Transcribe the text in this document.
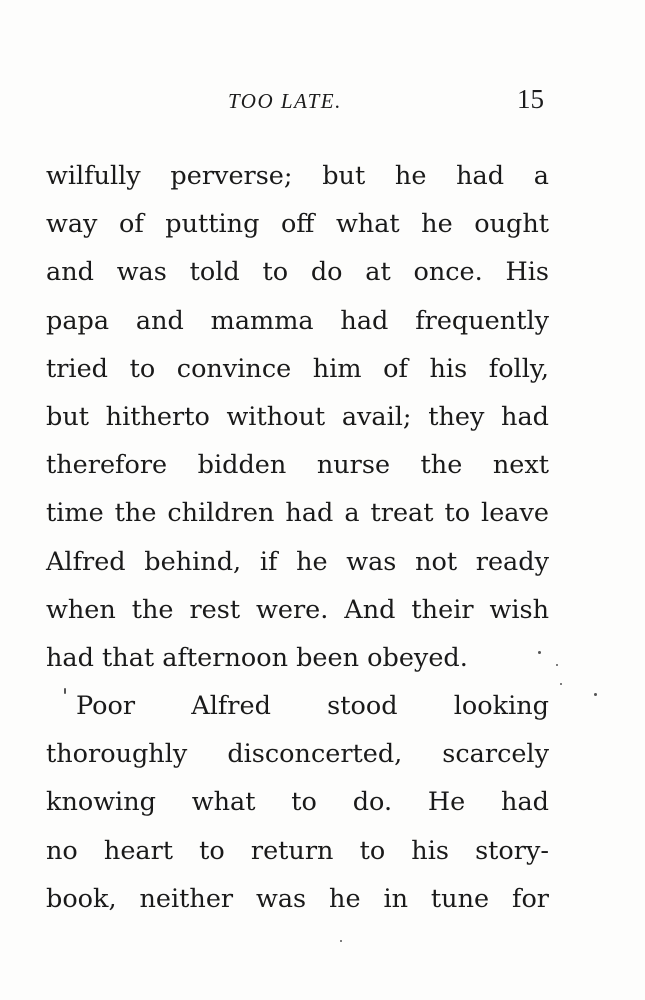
TOO LATE.	15
wilfully perverse; but he had a
way of putting off what he ought
and was told to do at once. His
papa and mamma had frequently
tried to convince him of his folly,
but hitherto without avail; they had
therefore bidden nurse the next
time the children had a treat to leave
Alfred behind, if he was not ready
when the rest were. And their wish
had that afternoon been obeyed.
Poor Alfred stood looking
thoroughly disconcerted, scarcely
knowing what to do. He had
no heart to return to his story-
book, neither was he in tune for
